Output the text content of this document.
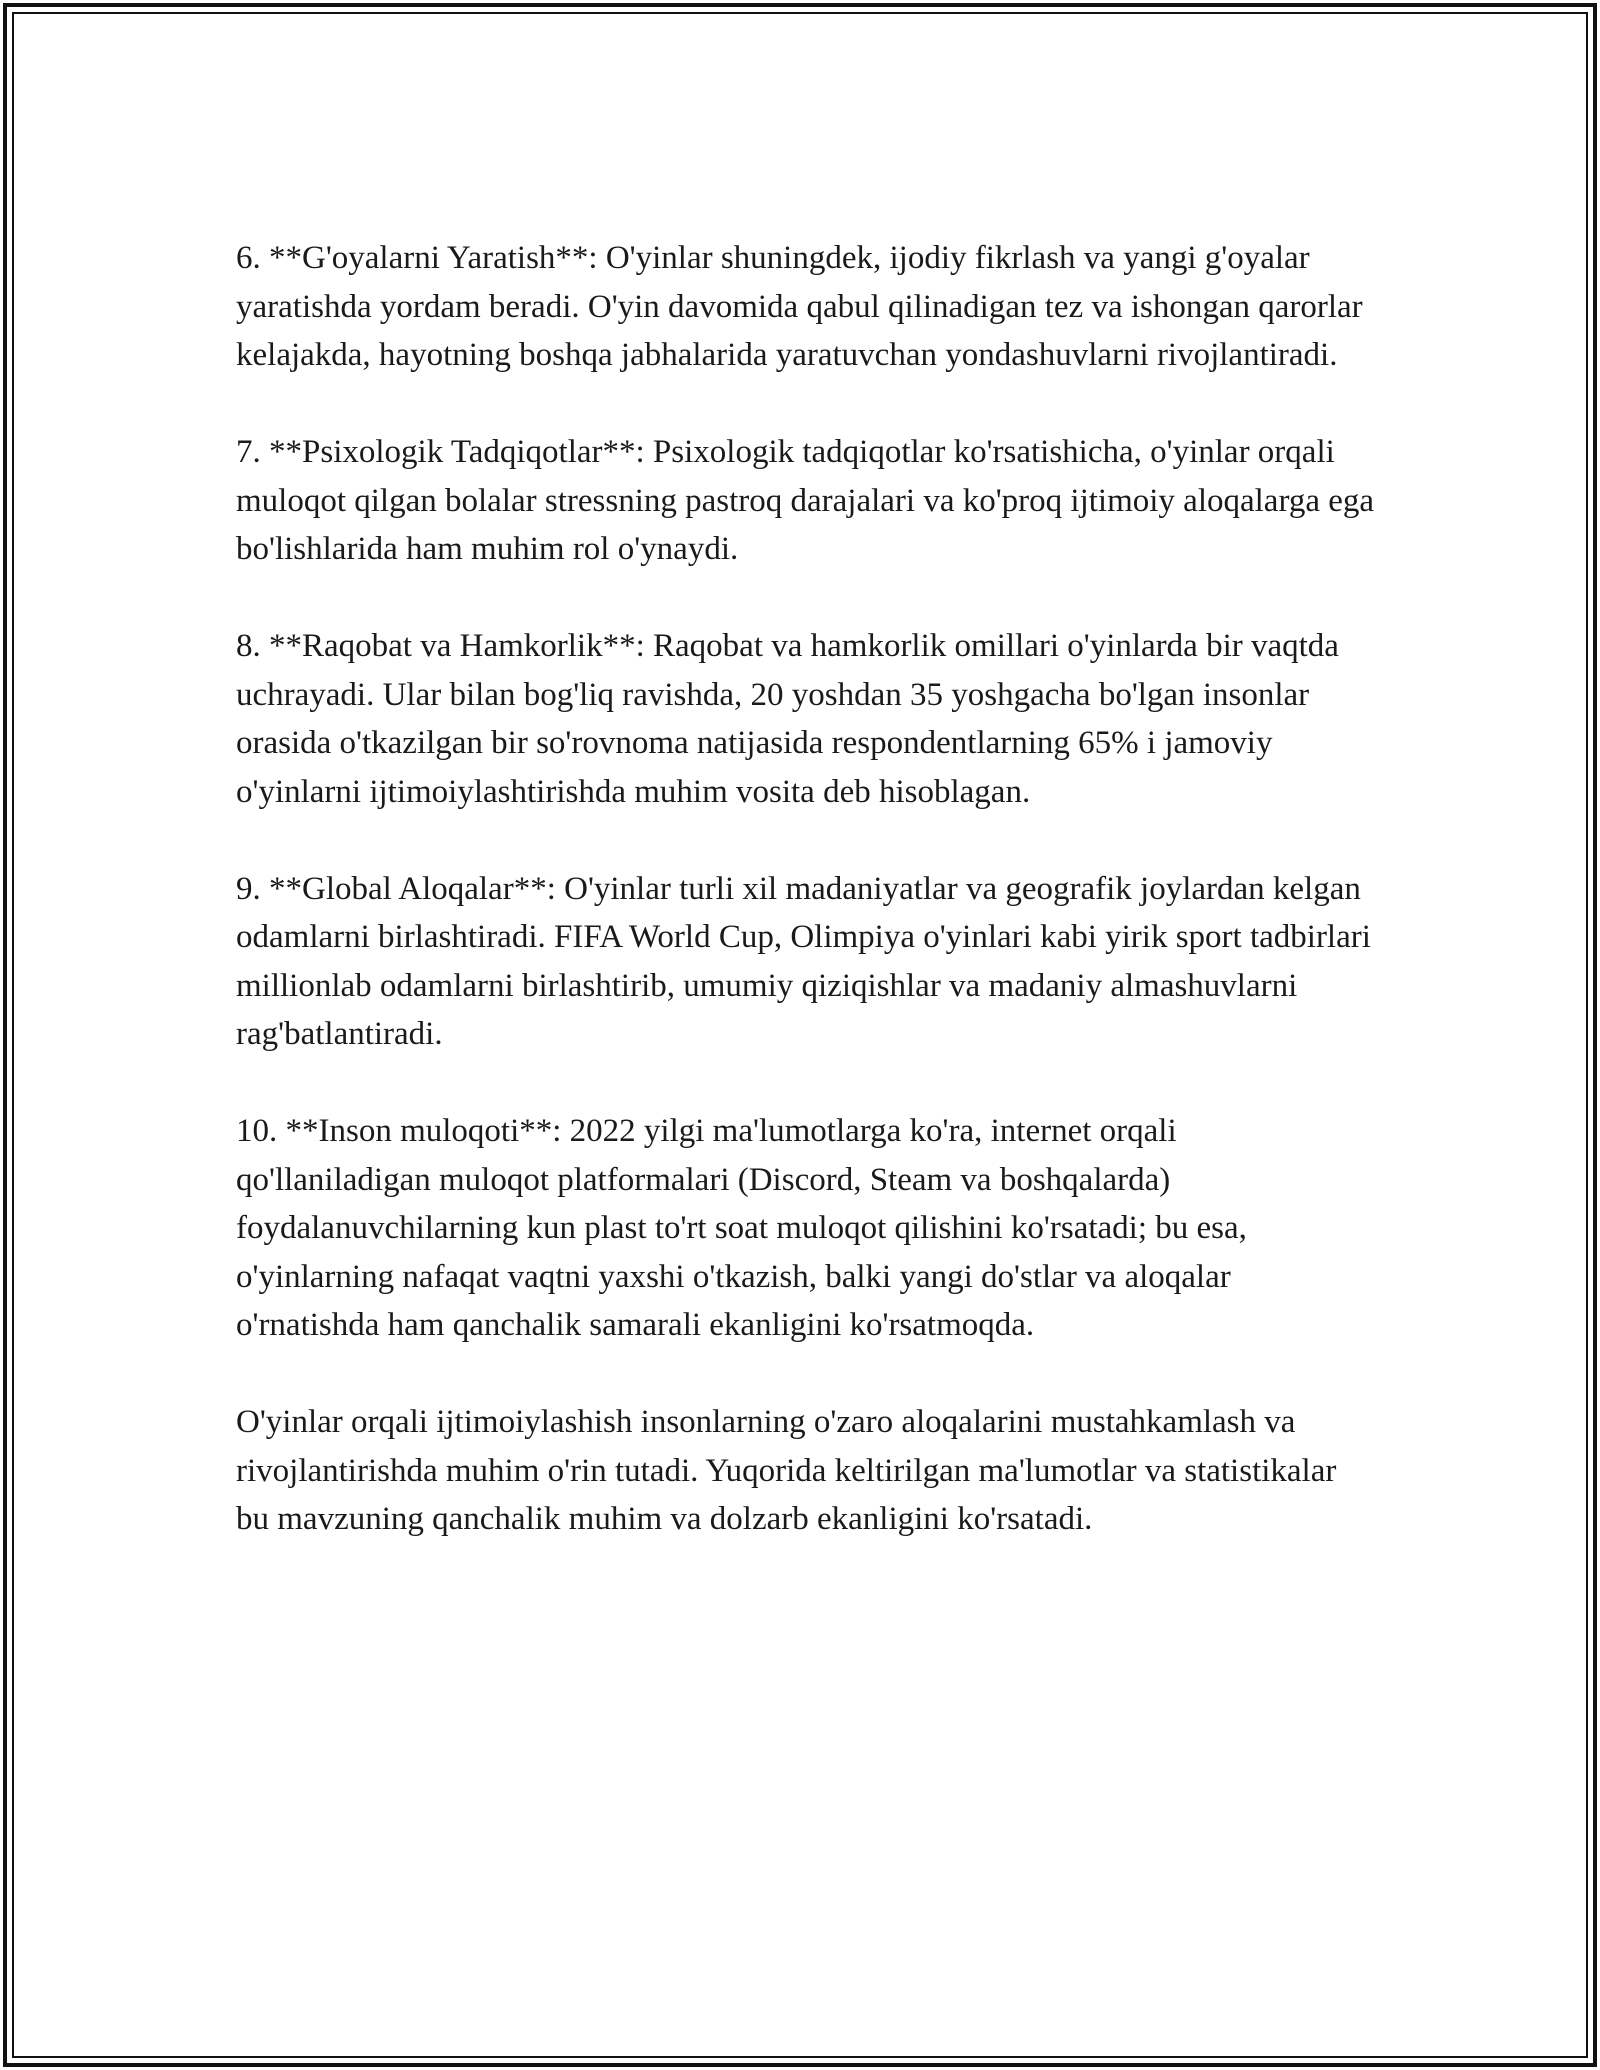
6. **G'oyalarni Yaratish**: O'yinlar shuningdek, ijodiy fikrlash va yangi g'oyalar yaratishda yordam beradi. O'yin davomida qabul qilinadigan tez va ishongan qarorlar kelajakda, hayotning boshqa jabhalarida yaratuvchan yondashuvlarni rivojlantiradi.

7. **Psixologik Tadqiqotlar**: Psixologik tadqiqotlar ko'rsatishicha, o'yinlar orqali muloqot qilgan bolalar stressning pastroq darajalari va ko'proq ijtimoiy aloqalarga ega bo'lishlarida ham muhim rol o'ynaydi.

8. **Raqobat va Hamkorlik**: Raqobat va hamkorlik omillari o'yinlarda bir vaqtda uchrayadi. Ular bilan bog'liq ravishda, 20 yoshdan 35 yoshgacha bo'lgan insonlar orasida o'tkazilgan bir so'rovnoma natijasida respondentlarning 65% i jamoviy o'yinlarni ijtimoiylashtirishda muhim vosita deb hisoblagan.

9. **Global Aloqalar**: O'yinlar turli xil madaniyatlar va geografik joylardan kelgan odamlarni birlashtiradi. FIFA World Cup, Olimpiya o'yinlari kabi yirik sport tadbirlari millionlab odamlarni birlashtirib, umumiy qiziqishlar va madaniy almashuvlarni rag'batlantiradi.

10. **Inson muloqoti**: 2022 yilgi ma'lumotlarga ko'ra, internet orqali qo'llaniladigan muloqot platformalari (Discord, Steam va boshqalarda) foydalanuvchilarning kun plast to'rt soat muloqot qilishini ko'rsatadi; bu esa, o'yinlarning nafaqat vaqtni yaxshi o'tkazish, balki yangi do'stlar va aloqalar o'rnatishda ham qanchalik samarali ekanligini ko'rsatmoqda.

O'yinlar orqali ijtimoiylashish insonlarning o'zaro aloqalarini mustahkamlash va rivojlantirishda muhim o'rin tutadi. Yuqorida keltirilgan ma'lumotlar va statistikalar bu mavzuning qanchalik muhim va dolzarb ekanligini ko'rsatadi.
